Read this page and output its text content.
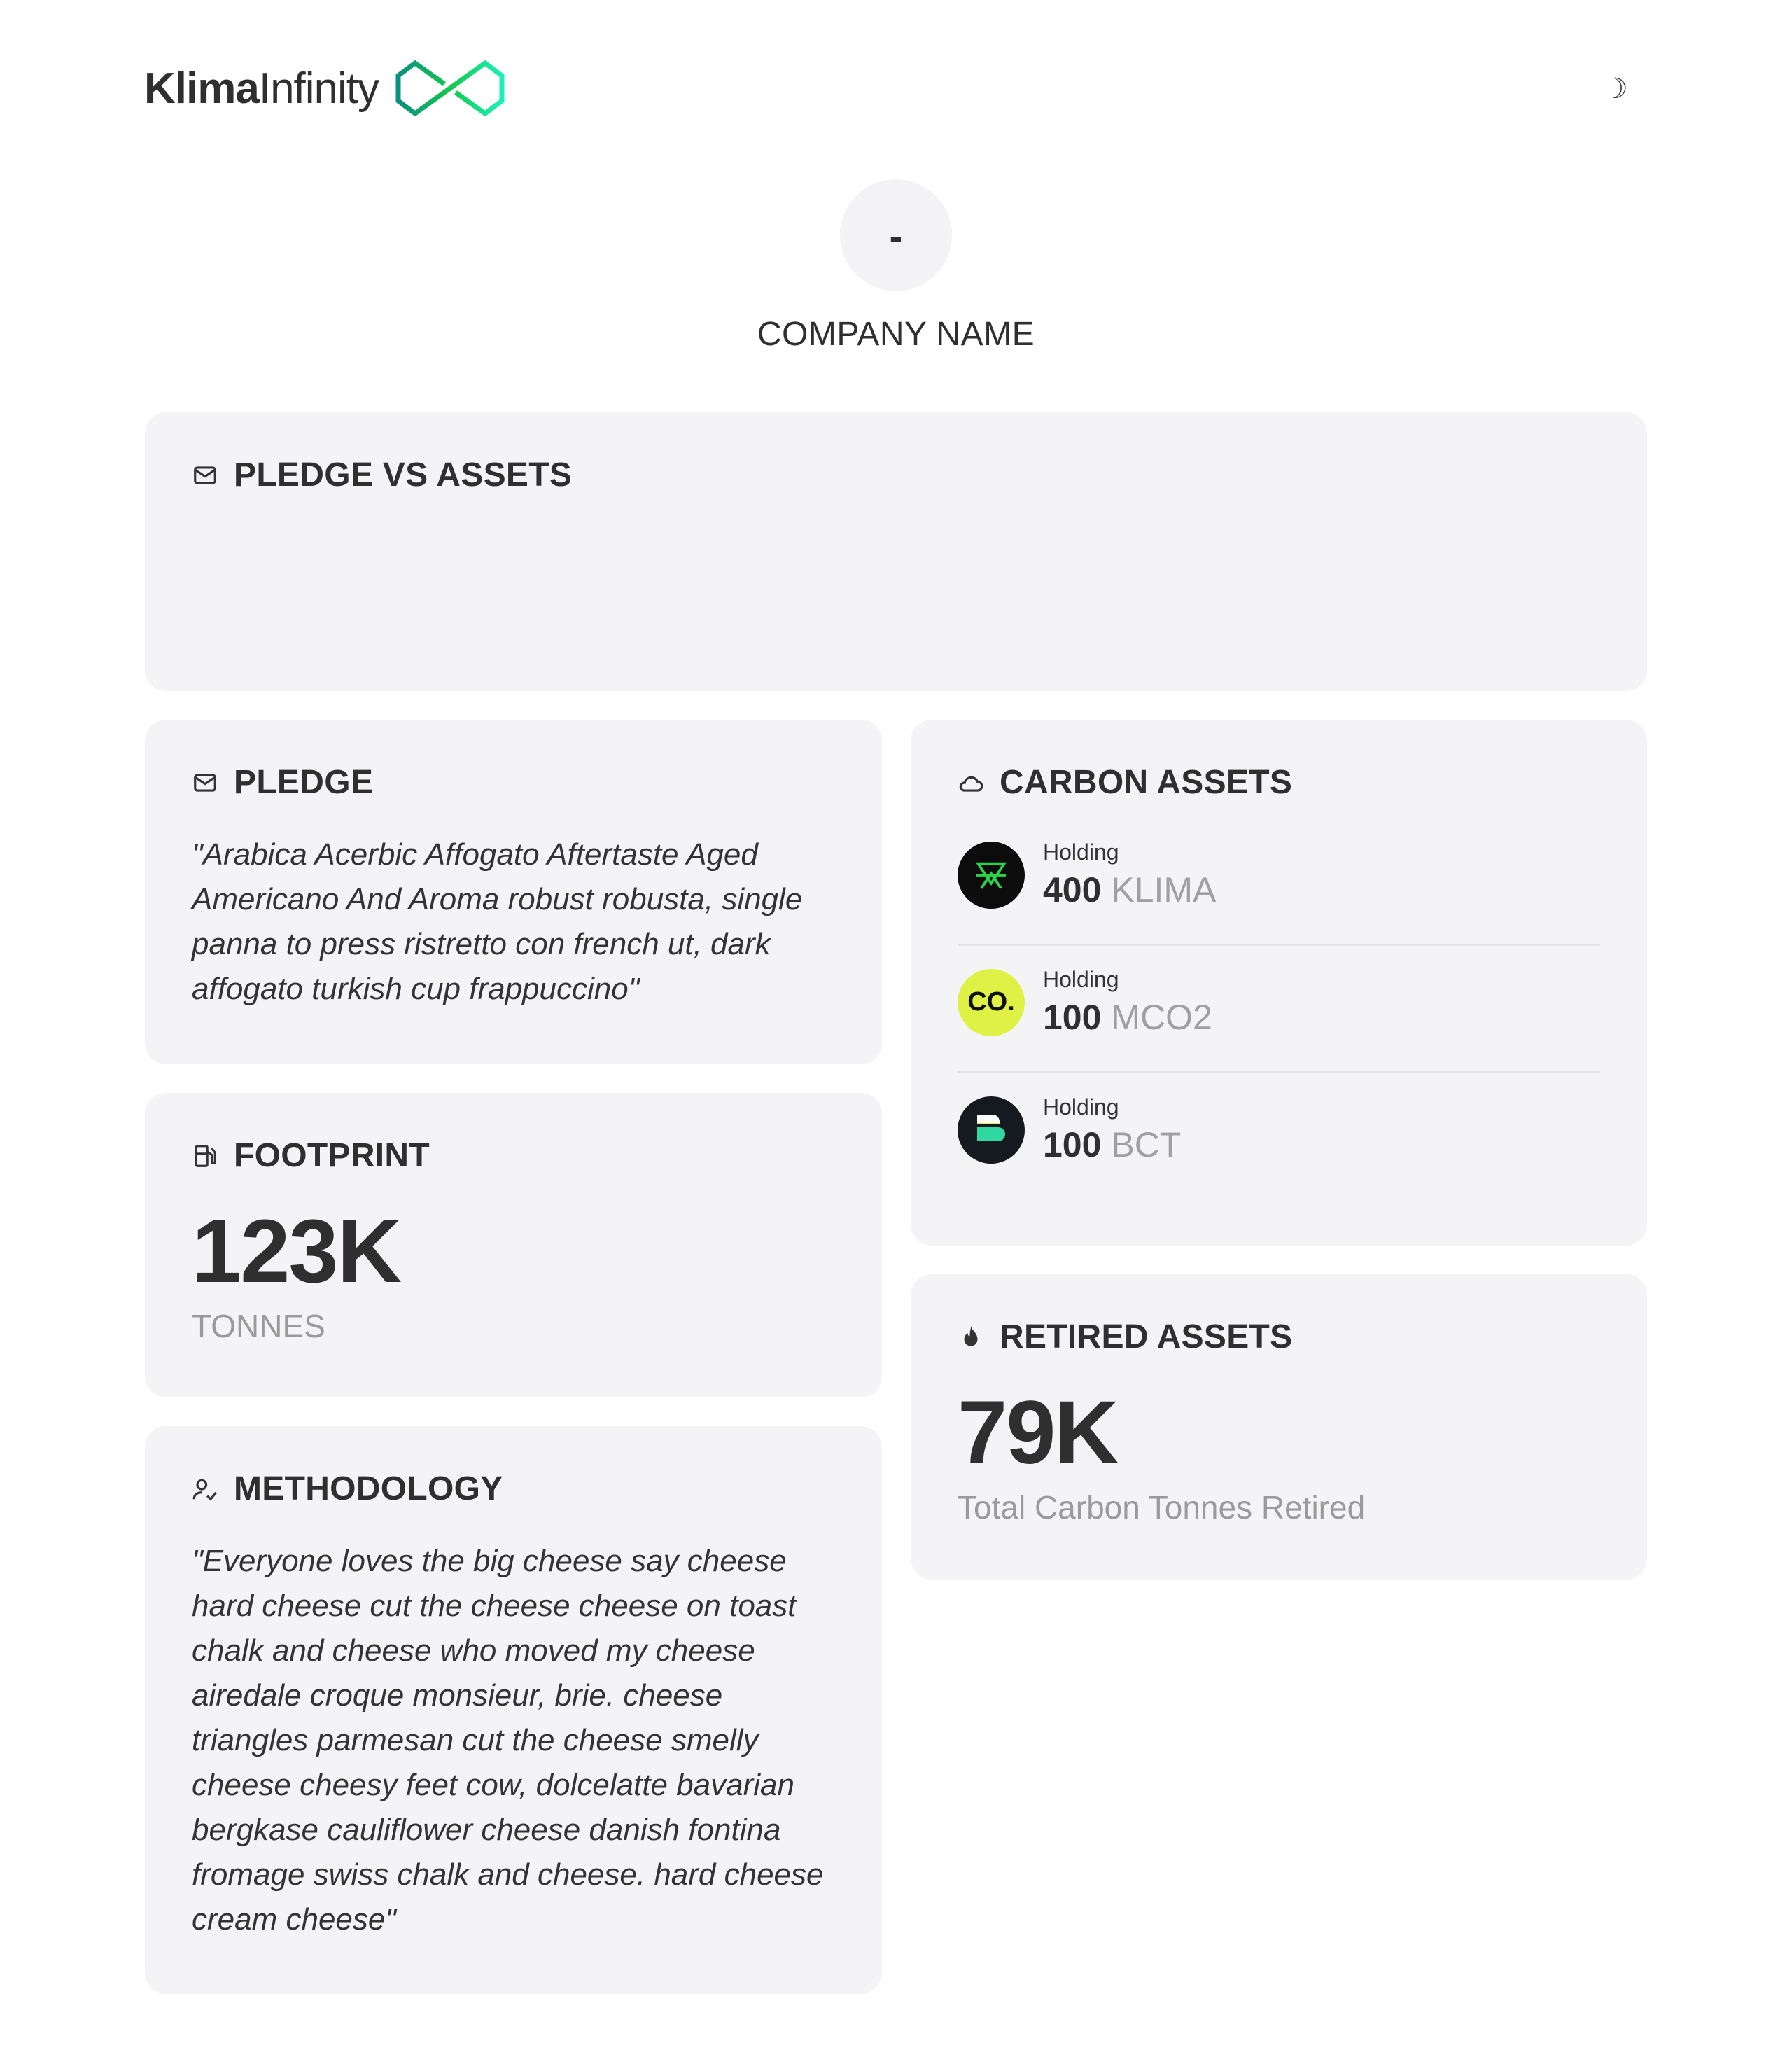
KlimaInfinity	☽
-
COMPANY NAME
PLEDGE VS ASSETS
PLEDGE

"Arabica Acerbic Affogato Aftertaste Aged Americano And Aroma robust robusta, single panna to press ristretto con french ut, dark affogato turkish cup frappuccino"

FOOTPRINT
123K
TONNES
METHODOLOGY

"Everyone loves the big cheese say cheese hard cheese cut the cheese cheese on toast chalk and cheese who moved my cheese airedale croque monsieur, brie. cheese triangles parmesan cut the cheese smelly cheese cheesy feet cow, dolcelatte bavarian bergkase cauliflower cheese danish fontina fromage swiss chalk and cheese. hard cheese cream cheese"

CARBON ASSETS
Holding
400 KLIMA
CO.
Holding
100 MCO2
Holding
100 BCT
RETIRED ASSETS
79K
Total Carbon Tonnes Retired
